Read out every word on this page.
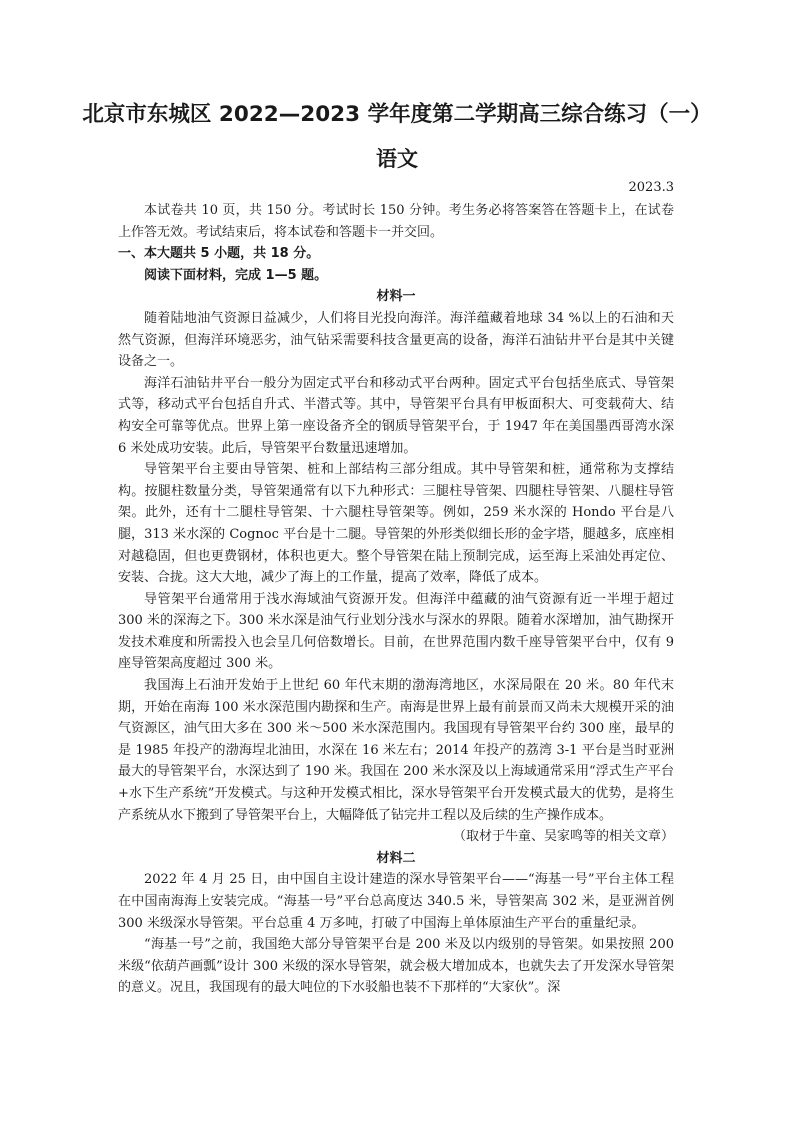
北京市东城区 2022—2023 学年度第二学期高三综合练习（一）
语文
2023.3

本试卷共 10 页，共 150 分。考试时长 150 分钟。考生务必将答案答在答题卡上，在试卷上作答无效。考试结束后，将本试卷和答题卡一并交回。

一、本大题共 5 小题，共 18 分。

阅读下面材料，完成 1—5 题。

材料一

随着陆地油气资源日益减少，人们将目光投向海洋。海洋蕴藏着地球 34 %以上的石油和天然气资源，但海洋环境恶劣，油气钻采需要科技含量更高的设备，海洋石油钻井平台是其中关键设备之一。

海洋石油钻井平台一般分为固定式平台和移动式平台两种。固定式平台包括坐底式、导管架式等，移动式平台包括自升式、半潜式等。其中，导管架平台具有甲板面积大、可变载荷大、结构安全可靠等优点。世界上第一座设备齐全的钢质导管架平台，于 1947 年在美国墨西哥湾水深 6 米处成功安装。此后，导管架平台数量迅速增加。

导管架平台主要由导管架、桩和上部结构三部分组成。其中导管架和桩，通常称为支撑结构。按腿柱数量分类，导管架通常有以下九种形式：三腿柱导管架、四腿柱导管架、八腿柱导管架。此外，还有十二腿柱导管架、十六腿柱导管架等。例如，259 米水深的 Hondo 平台是八腿，313 米水深的 Cognoc 平台是十二腿。导管架的外形类似细长形的金字塔，腿越多，底座相对越稳固，但也更费钢材，体积也更大。整个导管架在陆上预制完成，运至海上采油处再定位、安装、合拢。这大大地，减少了海上的工作量，提高了效率，降低了成本。

导管架平台通常用于浅水海域油气资源开发。但海洋中蕴藏的油气资源有近一半埋于超过 300 米的深海之下。300 米水深是油气行业划分浅水与深水的界限。随着水深增加，油气勘探开发技术难度和所需投入也会呈几何倍数增长。目前，在世界范围内数千座导管架平台中，仅有 9 座导管架高度超过 300 米。

我国海上石油开发始于上世纪 60 年代末期的渤海湾地区，水深局限在 20 米。80 年代末期，开始在南海 100 米水深范围内勘探和生产。南海是世界上最有前景而又尚未大规模开采的油气资源区，油气田大多在 300 米～500 米水深范围内。我国现有导管架平台约 300 座，最早的是 1985 年投产的渤海埕北油田，水深在 16 米左右；2014 年投产的荔湾 3-1 平台是当时亚洲最大的导管架平台，水深达到了 190 米。我国在 200 米水深及以上海域通常采用“浮式生产平台+水下生产系统”开发模式。与这种开发模式相比，深水导管架平台开发模式最大的优势，是将生产系统从水下搬到了导管架平台上，大幅降低了钻完井工程以及后续的生产操作成本。

（取材于牛童、吴家鸣等的相关文章）

材料二

2022 年 4 月 25 日，由中国自主设计建造的深水导管架平台——“海基一号”平台主体工程在中国南海海上安装完成。“海基一号”平台总高度达 340.5 米，导管架高 302 米，是亚洲首例 300 米级深水导管架。平台总重 4 万多吨，打破了中国海上单体原油生产平台的重量纪录。

“海基一号”之前，我国绝大部分导管架平台是 200 米及以内级别的导管架。如果按照 200 米级“依葫芦画瓢”设计 300 米级的深水导管架，就会极大增加成本，也就失去了开发深水导管架的意义。况且，我国现有的最大吨位的下水驳船也装不下那样的“大家伙”。深
